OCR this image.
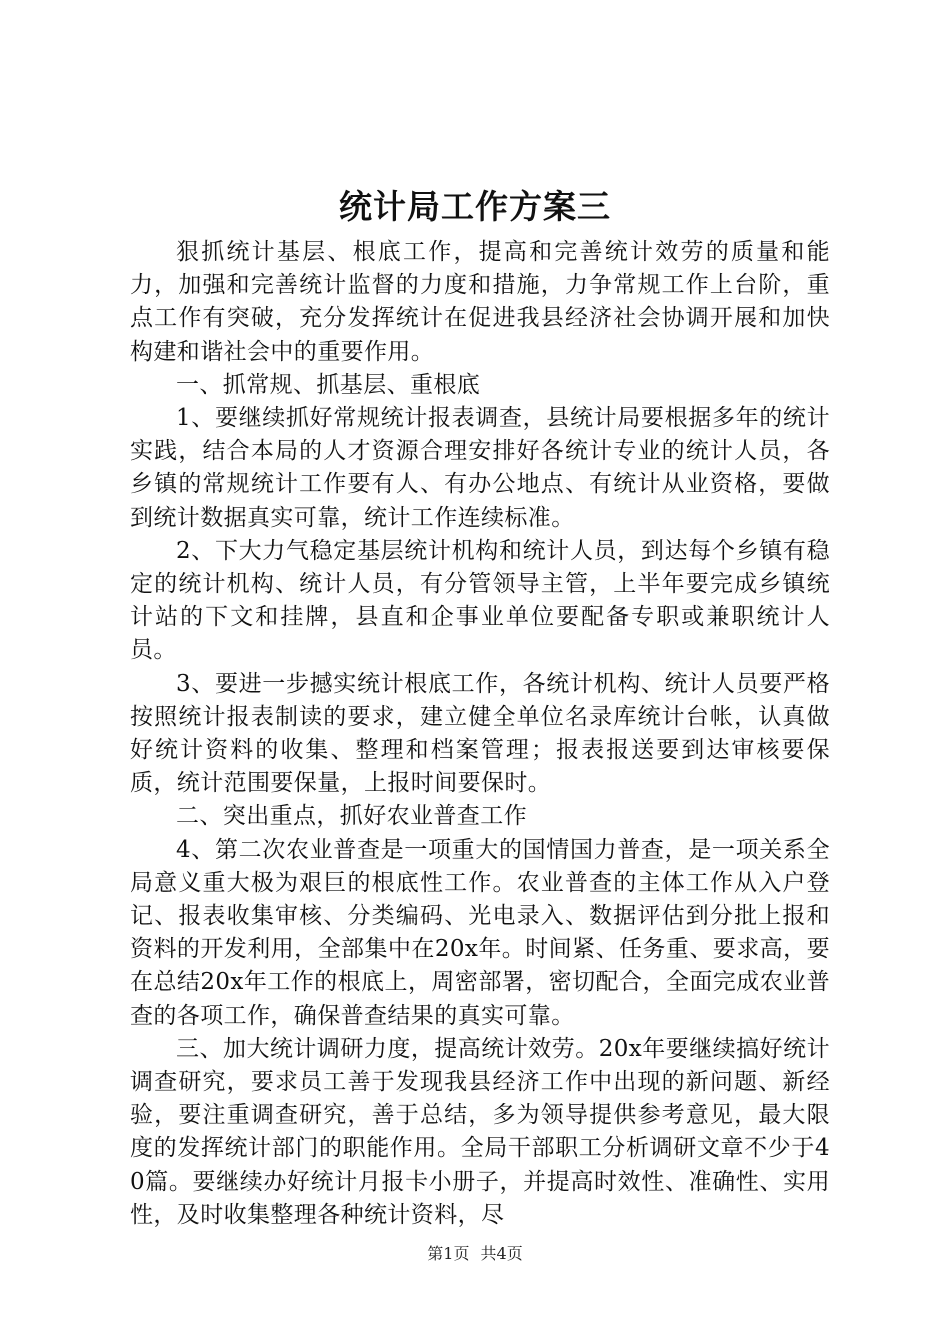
统计局工作方案三

狠抓统计基层、根底工作，提高和完善统计效劳的质量和能力，加强和完善统计监督的力度和措施，力争常规工作上台阶，重点工作有突破，充分发挥统计在促进我县经济社会协调开展和加快构建和谐社会中的重要作用。

一、抓常规、抓基层、重根底

1、要继续抓好常规统计报表调查，县统计局要根据多年的统计实践，结合本局的人才资源合理安排好各统计专业的统计人员，各乡镇的常规统计工作要有人、有办公地点、有统计从业资格，要做到统计数据真实可靠，统计工作连续标准。

2、下大力气稳定基层统计机构和统计人员，到达每个乡镇有稳定的统计机构、统计人员，有分管领导主管，上半年要完成乡镇统计站的下文和挂牌，县直和企事业单位要配备专职或兼职统计人员。

3、要进一步撼实统计根底工作，各统计机构、统计人员要严格按照统计报表制读的要求，建立健全单位名录库统计台帐，认真做好统计资料的收集、整理和档案管理；报表报送要到达审核要保质，统计范围要保量，上报时间要保时。

二、突出重点，抓好农业普查工作

4、第二次农业普查是一项重大的国情国力普查，是一项关系全局意义重大极为艰巨的根底性工作。农业普查的主体工作从入户登记、报表收集审核、分类编码、光电录入、数据评估到分批上报和资料的开发利用，全部集中在20x年。时间紧、任务重、要求高，要在总结20x年工作的根底上，周密部署，密切配合，全面完成农业普查的各项工作，确保普查结果的真实可靠。

三、加大统计调研力度，提高统计效劳。20x年要继续搞好统计调查研究，要求员工善于发现我县经济工作中出现的新问题、新经验，要注重调查研究，善于总结，多为领导提供参考意见，最大限度的发挥统计部门的职能作用。全局干部职工分析调研文章不少于40篇。要继续办好统计月报卡小册子，并提高时效性、准确性、实用性，及时收集整理各种统计资料，尽

第1页 共4页
